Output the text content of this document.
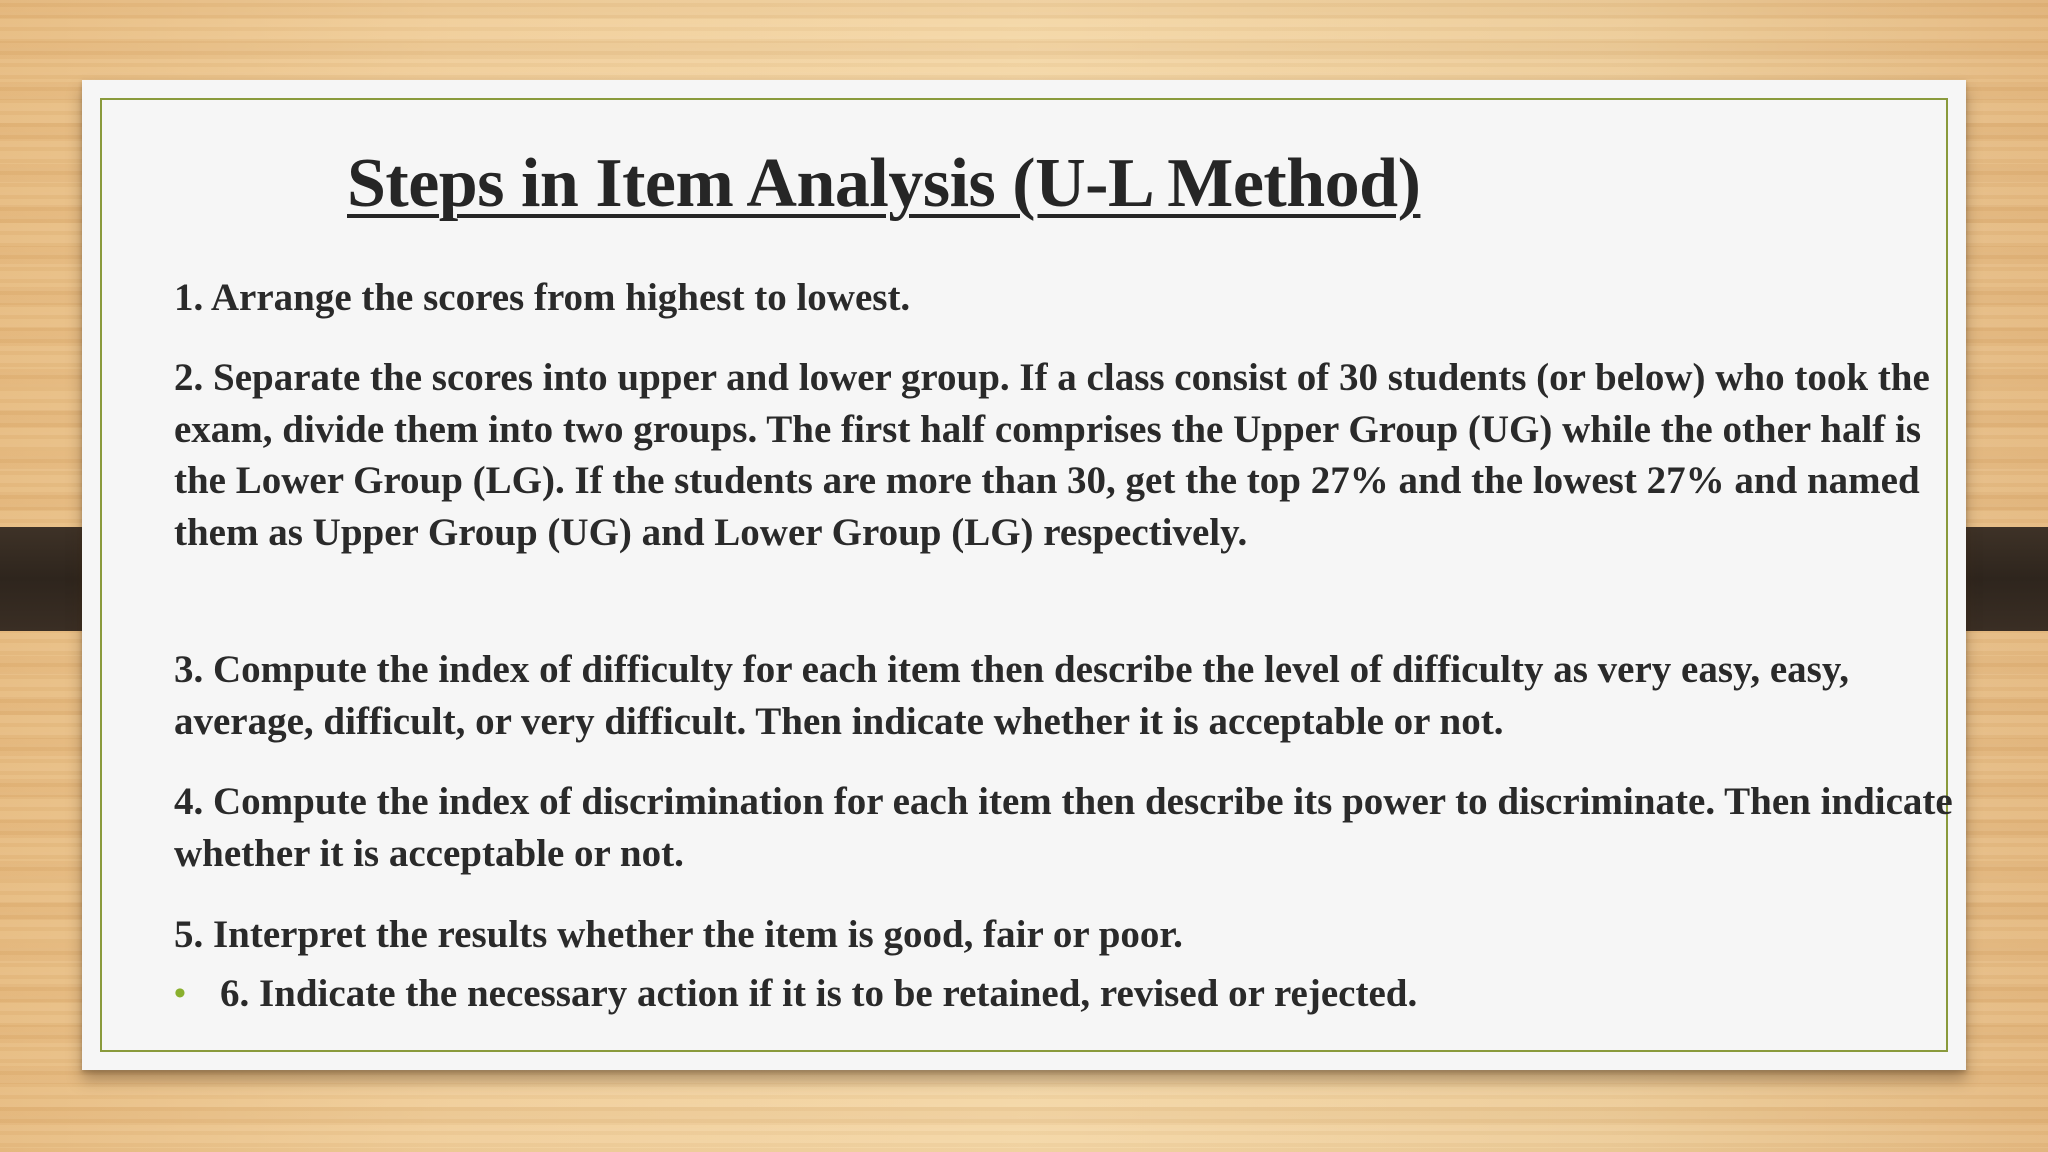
Steps in Item Analysis (U-L Method)

1. Arrange the scores from highest to lowest.

2. Separate the scores into upper and lower group. If a class consist of 30 students (or below) who took the exam, divide them into two groups. The first half comprises the Upper Group (UG) while the other half is the Lower Group (LG). If the students are more than 30, get the top 27% and the lowest 27% and named them as Upper Group (UG) and Lower Group (LG) respectively.

3. Compute the index of difficulty for each item then describe the level of difficulty as very easy, easy, average, difficult, or very difficult. Then indicate whether it is acceptable or not.

4. Compute the index of discrimination for each item then describe its power to discriminate. Then indicate whether it is acceptable or not.

5. Interpret the results whether the item is good, fair or poor.

• 6. Indicate the necessary action if it is to be retained, revised or rejected.
